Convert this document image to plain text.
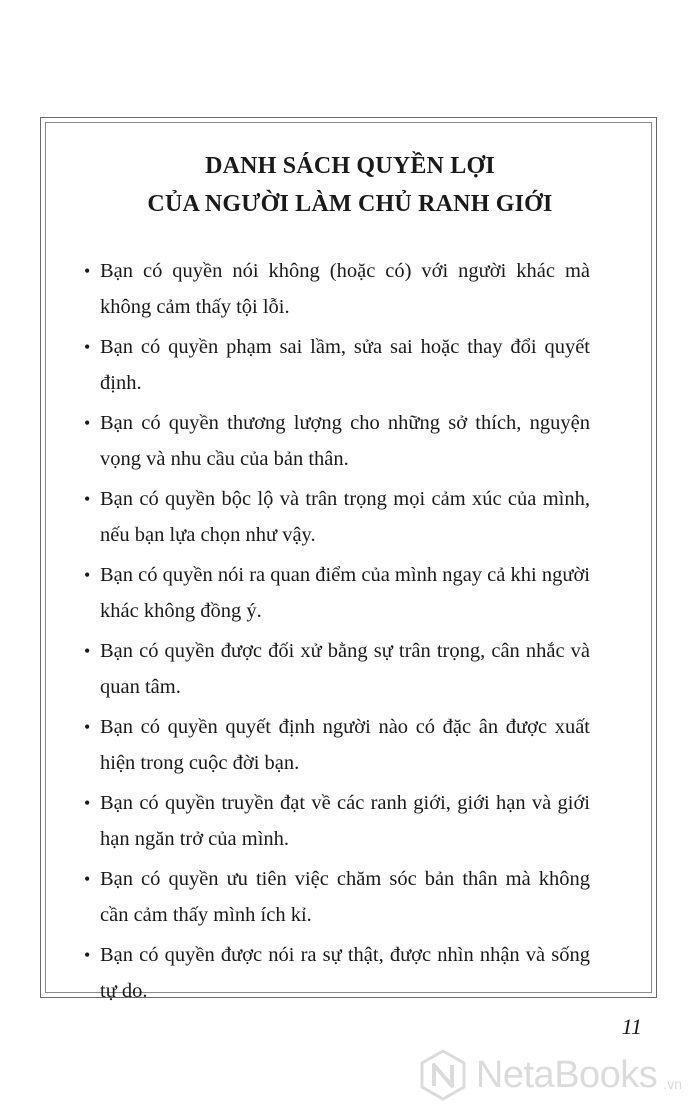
DANH SÁCH QUYỀN LỢI
CỦA NGƯỜI LÀM CHỦ RANH GIỚI
• Bạn có quyền nói không (hoặc có) với người khác mà không cảm thấy tội lỗi.
• Bạn có quyền phạm sai lầm, sửa sai hoặc thay đổi quyết định.
• Bạn có quyền thương lượng cho những sở thích, nguyện vọng và nhu cầu của bản thân.
• Bạn có quyền bộc lộ và trân trọng mọi cảm xúc của mình, nếu bạn lựa chọn như vậy.
• Bạn có quyền nói ra quan điểm của mình ngay cả khi người khác không đồng ý.
• Bạn có quyền được đối xử bằng sự trân trọng, cân nhắc và quan tâm.
• Bạn có quyền quyết định người nào có đặc ân được xuất hiện trong cuộc đời bạn.
• Bạn có quyền truyền đạt về các ranh giới, giới hạn và giới hạn ngăn trở của mình.
• Bạn có quyền ưu tiên việc chăm sóc bản thân mà không cần cảm thấy mình ích kỉ.
• Bạn có quyền được nói ra sự thật, được nhìn nhận và sống tự do.
11
NetaBooks .vn
